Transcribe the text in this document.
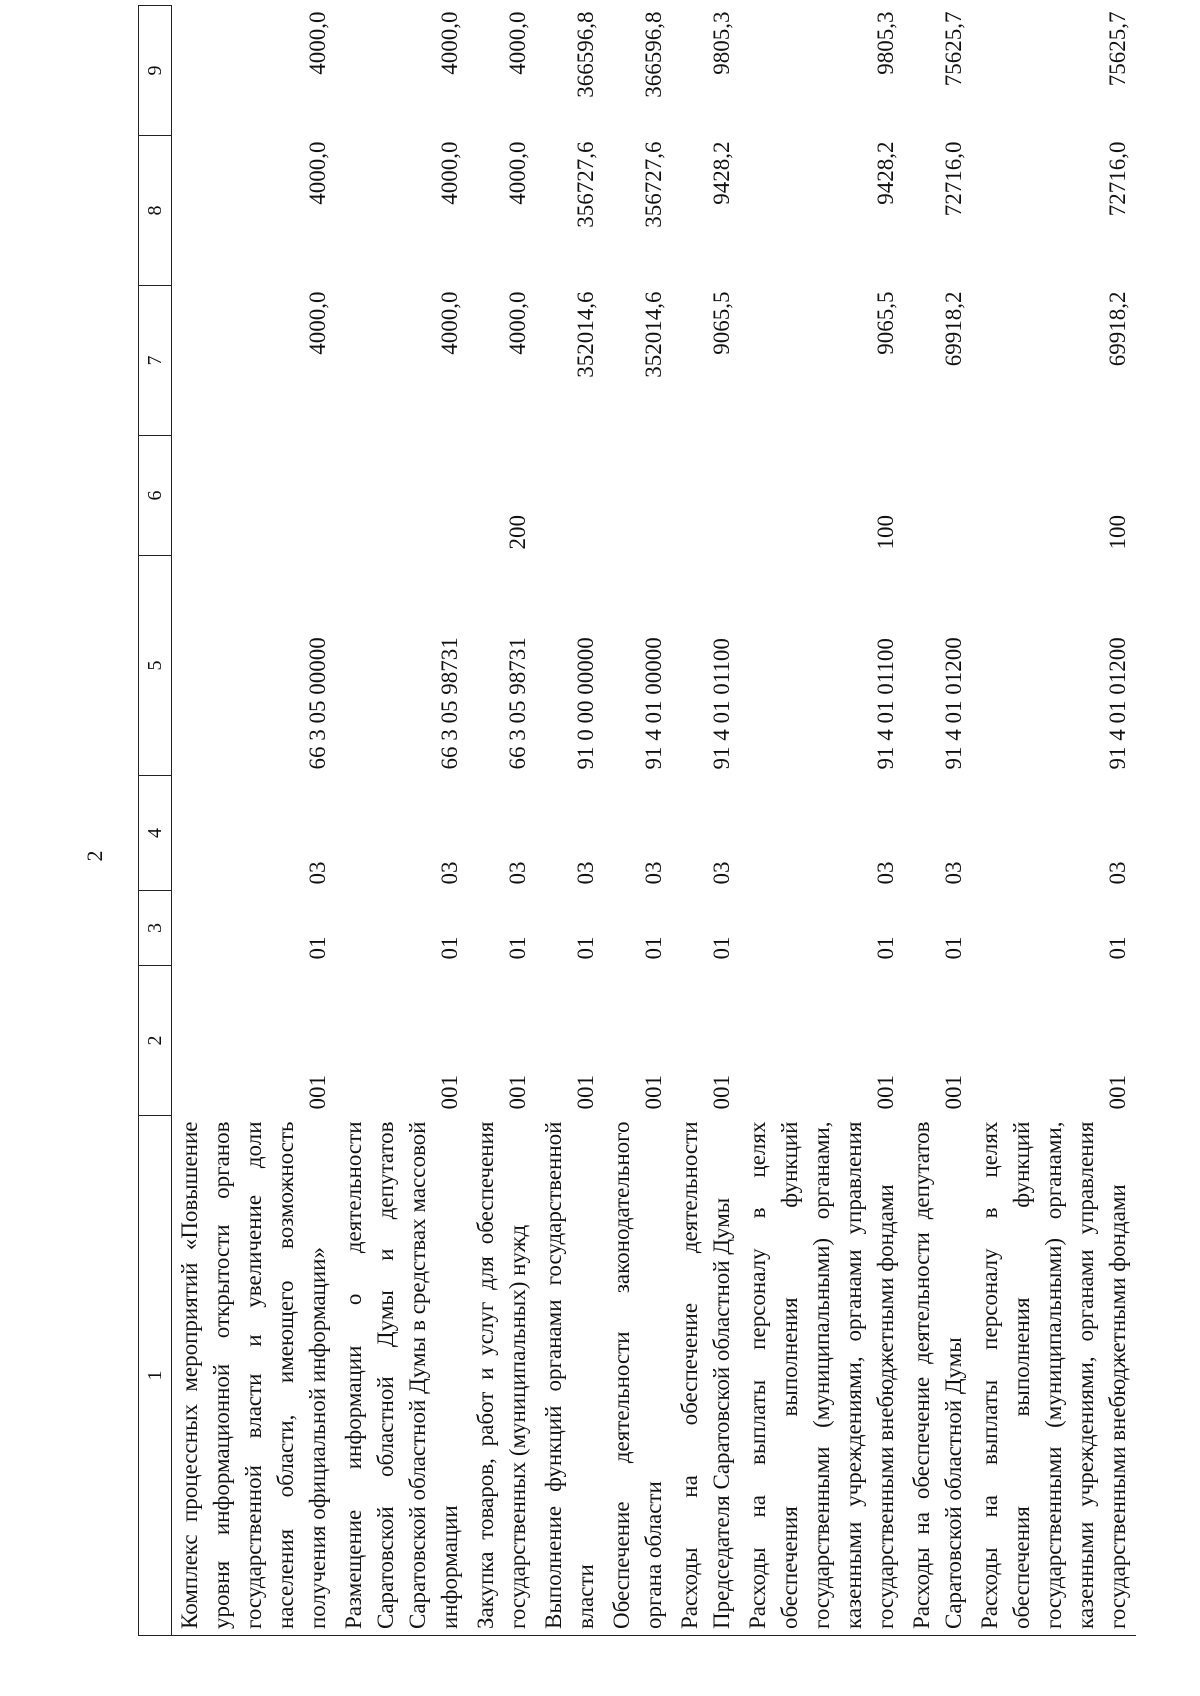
2
1	2	3	4	5	6	7	8	9
Комплекс процессных мероприятий «Повышение уровня информационной открытости органов государственной власти и увеличение доли населения области, имеющего возможность получения официальной информации»	001	01	03	66 3 05 00000		4000,0	4000,0	4000,0
Размещение информации о деятельности Саратовской областной Думы и депутатов Саратовской областной Думы в средствах массовой информации	001	01	03	66 3 05 98731		4000,0	4000,0	4000,0
Закупка товаров, работ и услуг для обеспечения государственных (муниципальных) нужд	001	01	03	66 3 05 98731	200	4000,0	4000,0	4000,0
Выполнение функций органами государственной власти	001	01	03	91 0 00 00000		352014,6	356727,6	366596,8
Обеспечение деятельности законодательного органа области	001	01	03	91 4 01 00000		352014,6	356727,6	366596,8
Расходы на обеспечение деятельности Председателя Саратовской областной Думы	001	01	03	91 4 01 01100		9065,5	9428,2	9805,3
Расходы на выплаты персоналу в целях обеспечения выполнения функций государственными (муниципальными) органами, казенными учреждениями, органами управления государственными внебюджетными фондами	001	01	03	91 4 01 01100	100	9065,5	9428,2	9805,3
Расходы на обеспечение деятельности депутатов Саратовской областной Думы	001	01	03	91 4 01 01200		69918,2	72716,0	75625,7
Расходы на выплаты персоналу в целях обеспечения выполнения функций государственными (муниципальными) органами, казенными учреждениями, органами управления государственными внебюджетными фондами	001	01	03	91 4 01 01200	100	69918,2	72716,0	75625,7
